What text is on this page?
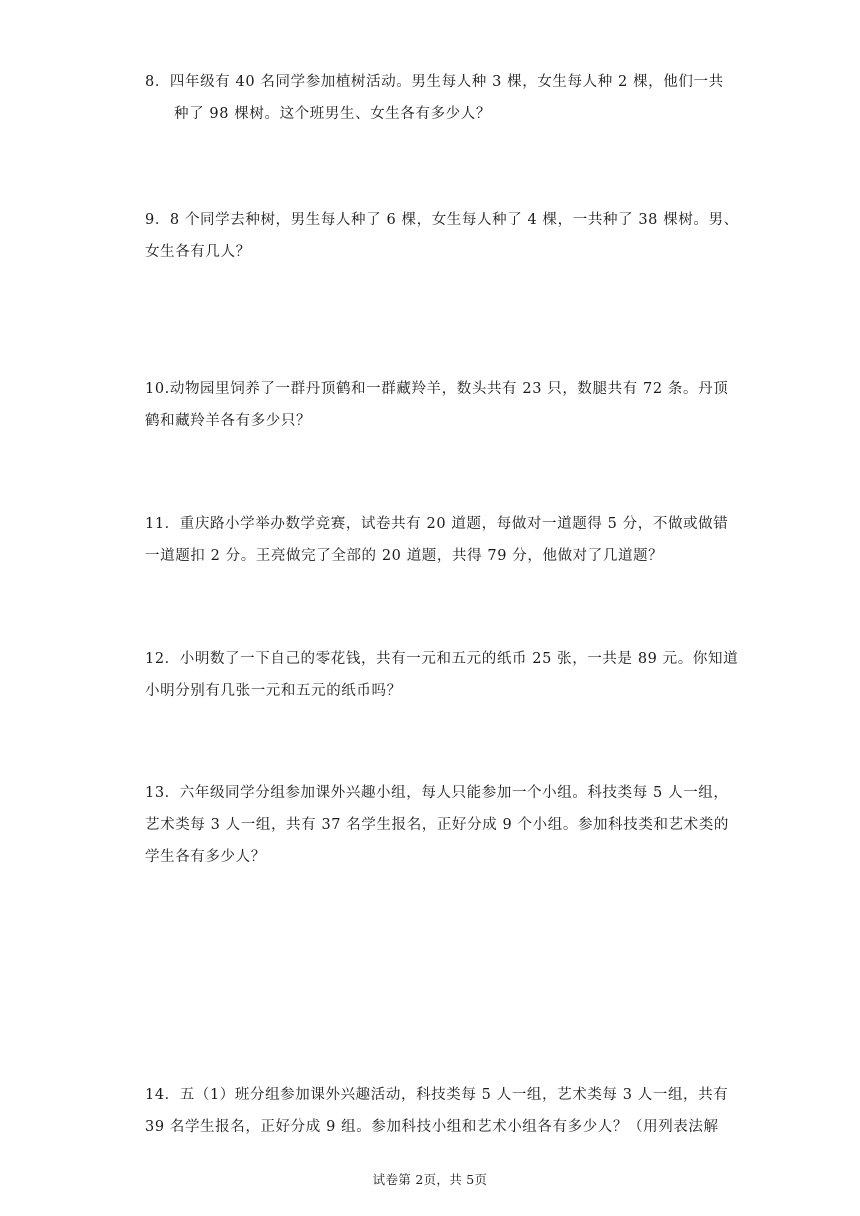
8．四年级有 40 名同学参加植树活动。男生每人种 3 棵，女生每人种 2 棵，他们一共
种了 98 棵树。这个班男生、女生各有多少人？
9．8 个同学去种树，男生每人种了 6 棵，女生每人种了 4 棵，一共种了 38 棵树。男、
女生各有几人？
10.动物园里饲养了一群丹顶鹤和一群藏羚羊，数头共有 23 只，数腿共有 72 条。丹顶
鹤和藏羚羊各有多少只？
11．重庆路小学举办数学竞赛，试卷共有 20 道题，每做对一道题得 5 分，不做或做错
一道题扣 2 分。王亮做完了全部的 20 道题，共得 79 分，他做对了几道题？
12．小明数了一下自己的零花钱，共有一元和五元的纸币 25 张，一共是 89 元。你知道
小明分别有几张一元和五元的纸币吗？
13．六年级同学分组参加课外兴趣小组，每人只能参加一个小组。科技类每 5 人一组，
艺术类每 3 人一组，共有 37 名学生报名，正好分成 9 个小组。参加科技类和艺术类的
学生各有多少人？
14．五（1）班分组参加课外兴趣活动，科技类每 5 人一组，艺术类每 3 人一组，共有
39 名学生报名，正好分成 9 组。参加科技小组和艺术小组各有多少人？（用列表法解
试卷第 2页，共 5页
